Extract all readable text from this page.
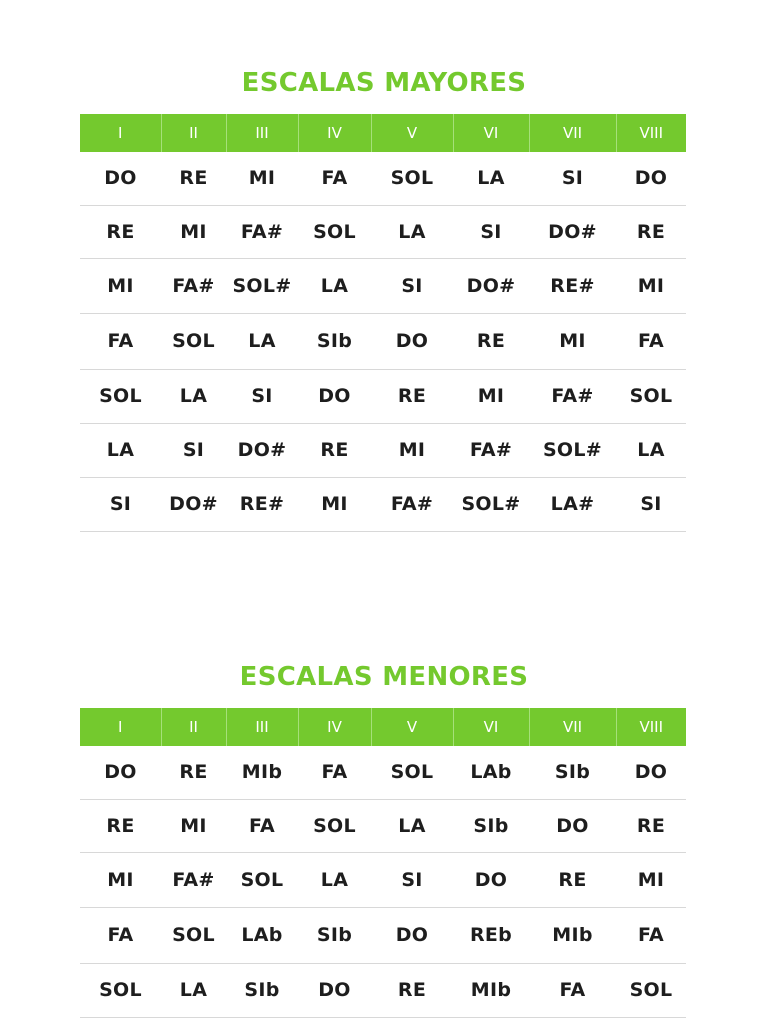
ESCALAS MAYORES
I	II	III	IV	V	VI	VII	VIII
DO	RE	MI	FA	SOL	LA	SI	DO
RE	MI	FA#	SOL	LA	SI	DO#	RE
MI	FA#	SOL#	LA	SI	DO#	RE#	MI
FA	SOL	LA	SIb	DO	RE	MI	FA
SOL	LA	SI	DO	RE	MI	FA#	SOL
LA	SI	DO#	RE	MI	FA#	SOL#	LA
SI	DO#	RE#	MI	FA#	SOL#	LA#	SI
ESCALAS MENORES
I	II	III	IV	V	VI	VII	VIII
DO	RE	MIb	FA	SOL	LAb	SIb	DO
RE	MI	FA	SOL	LA	SIb	DO	RE
MI	FA#	SOL	LA	SI	DO	RE	MI
FA	SOL	LAb	SIb	DO	REb	MIb	FA
SOL	LA	SIb	DO	RE	MIb	FA	SOL
